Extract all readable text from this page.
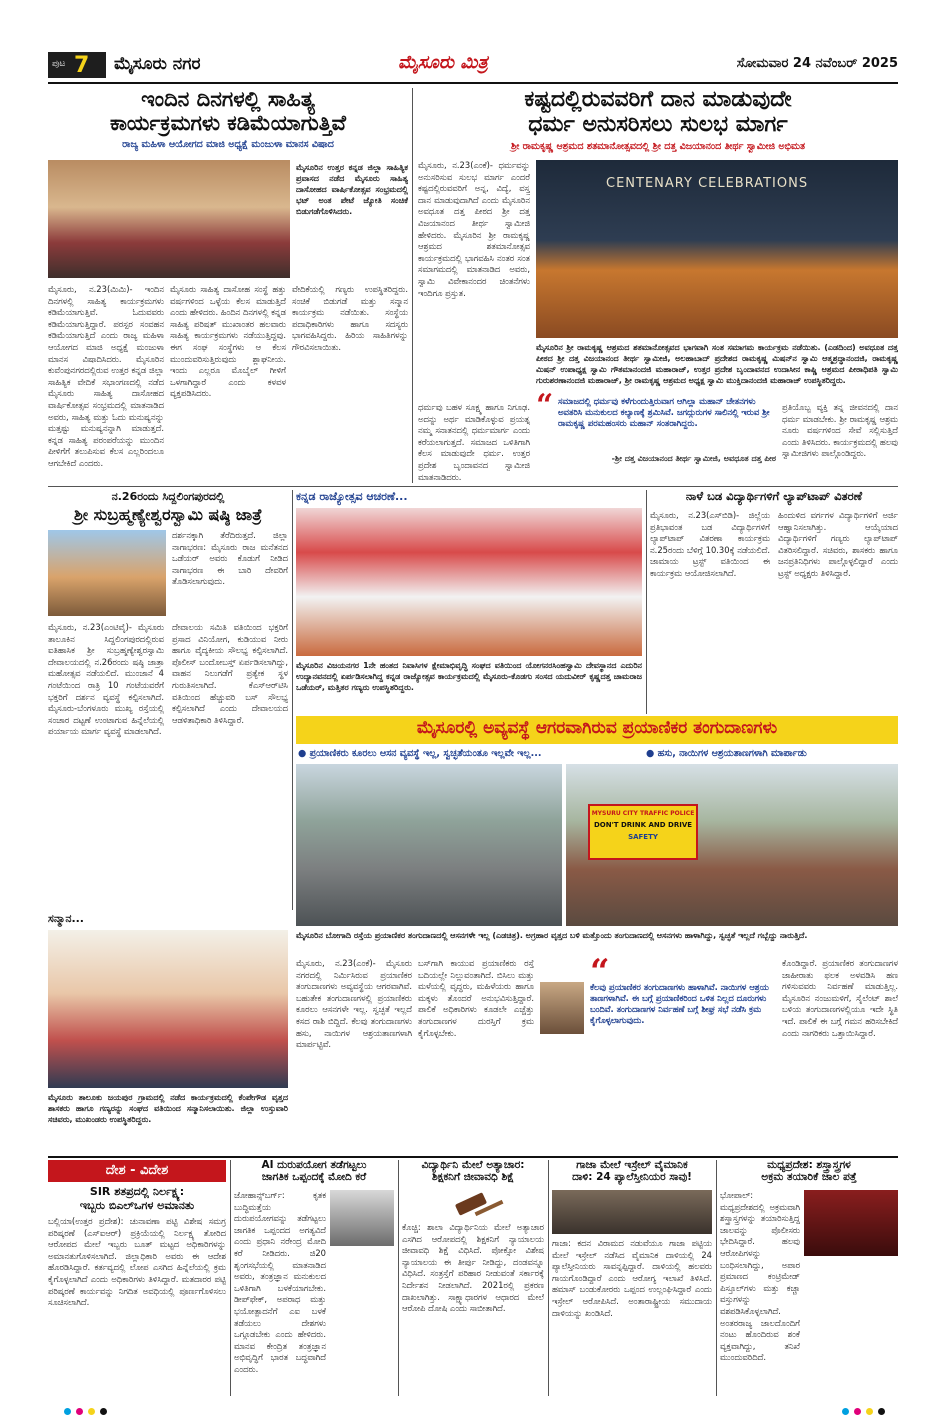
ಪುಟ 7 ಮೈಸೂರು ನಗರ	ಮೈಸೂರು ಮಿತ್ರ	ಸೋಮವಾರ 24 ನವೆಂಬರ್ 2025
ಇಂದಿನ ದಿನಗಳಲ್ಲಿ ಸಾಹಿತ್ಯ
ಕಾರ್ಯಕ್ರಮಗಳು ಕಡಿಮೆಯಾಗುತ್ತಿವೆ
ರಾಜ್ಯ ಮಹಿಳಾ ಆಯೋಗದ ಮಾಜಿ ಅಧ್ಯಕ್ಷೆ ಮಂಜುಳಾ ಮಾನಸ ವಿಷಾದ
ಮೈಸೂರಿನ ಉತ್ತರ ಕನ್ನಡ ಜಿಲ್ಲಾ ಸಾಹಿತ್ಯಿಕ ಪ್ರವಾಸದ ನಡೆದ ಮೈಸೂರು ಸಾಹಿತ್ಯ ದಾಸೋಹದ ವಾರ್ಷಿಕೋತ್ಸವ ಸಂಭ್ರಮದಲ್ಲಿ ಭಟ್ ಅಂತ ಪೇಟೆ ಜ್ಯೋತಿ ಸಂಚಿಕೆ ಬಿಡುಗಡೆಗೊಳಿಸಿದರು.
ಮೈಸೂರು, ನ.23(ಮಿಮಿ)- ಇಂದಿನ ದಿನಗಳಲ್ಲಿ ಸಾಹಿತ್ಯ ಕಾರ್ಯಕ್ರಮಗಳು ಕಡಿಮೆಯಾಗುತ್ತಿವೆ. ಓದುವವರು ಕಡಿಮೆಯಾಗುತ್ತಿದ್ದಾರೆ. ಪರಸ್ಪರ ಸಂವಹನ ಕಡಿಮೆಯಾಗುತ್ತಿದೆ ಎಂದು ರಾಜ್ಯ ಮಹಿಳಾ ಆಯೋಗದ ಮಾಜಿ ಅಧ್ಯಕ್ಷೆ ಮಂಜುಳಾ ಮಾನಸ ವಿಷಾದಿಸಿದರು. ಮೈಸೂರಿನ ಕುವೆಂಪುನಗರದಲ್ಲಿರುವ ಉತ್ತರ ಕನ್ನಡ ಜಿಲ್ಲಾ ಸಾಹಿತ್ಯಿಕ ವೇದಿಕೆ ಸಭಾಂಗಣದಲ್ಲಿ ನಡೆದ ಮೈಸೂರು ಸಾಹಿತ್ಯ ದಾಸೋಹದ ವಾರ್ಷಿಕೋತ್ಸವ ಸಂಭ್ರಮದಲ್ಲಿ ಮಾತನಾಡಿದ ಅವರು, ಸಾಹಿತ್ಯ ಮತ್ತು ಓದು ಮನುಷ್ಯನನ್ನು ಮತ್ತಷ್ಟು ಮನುಷ್ಯನನ್ನಾಗಿ ಮಾಡುತ್ತದೆ. ಕನ್ನಡ ಸಾಹಿತ್ಯ ಪರಂಪರೆಯನ್ನು ಮುಂದಿನ ಪೀಳಿಗೆಗೆ ತಲುಪಿಸುವ ಕೆಲಸ ಎಲ್ಲರಿಂದಲೂ ಆಗಬೇಕಿದೆ ಎಂದರು.
ಮೈಸೂರು ಸಾಹಿತ್ಯ ದಾಸೋಹ ಸಂಸ್ಥೆ ಹತ್ತು ವರ್ಷಗಳಿಂದ ಒಳ್ಳೆಯ ಕೆಲಸ ಮಾಡುತ್ತಿದೆ ಎಂದು ಹೇಳಿದರು. ಹಿಂದಿನ ದಿನಗಳಲ್ಲಿ ಕನ್ನಡ ಸಾಹಿತ್ಯ ಪರಿಷತ್ ಮುಖಾಂತರ ಹಲವಾರು ಸಾಹಿತ್ಯ ಕಾರ್ಯಕ್ರಮಗಳು ನಡೆಯುತ್ತಿದ್ದವು. ಈಗ ಸಂಘ ಸಂಸ್ಥೆಗಳು ಆ ಕೆಲಸ ಮುಂದುವರಿಸುತ್ತಿರುವುದು ಶ್ಲಾಘನೀಯ. ಇಂದು ಎಲ್ಲರೂ ಮೊಬೈಲ್ ಗೀಳಿಗೆ ಒಳಗಾಗಿದ್ದಾರೆ ಎಂದು ಕಳವಳ ವ್ಯಕ್ತಪಡಿಸಿದರು.
ವೇದಿಕೆಯಲ್ಲಿ ಗಣ್ಯರು ಉಪಸ್ಥಿತರಿದ್ದರು. ಸಂಚಿಕೆ ಬಿಡುಗಡೆ ಮತ್ತು ಸನ್ಮಾನ ಕಾರ್ಯಕ್ರಮ ನಡೆಯಿತು. ಸಂಸ್ಥೆಯ ಪದಾಧಿಕಾರಿಗಳು ಹಾಗೂ ಸದಸ್ಯರು ಭಾಗವಹಿಸಿದ್ದರು. ಹಿರಿಯ ಸಾಹಿತಿಗಳನ್ನು ಗೌರವಿಸಲಾಯಿತು.
ಕಷ್ಟದಲ್ಲಿರುವವರಿಗೆ ದಾನ ಮಾಡುವುದೇ
ಧರ್ಮ ಅನುಸರಿಸಲು ಸುಲಭ ಮಾರ್ಗ
ಶ್ರೀ ರಾಮಕೃಷ್ಣ ಆಶ್ರಮದ ಶತಮಾನೋತ್ಸವದಲ್ಲಿ ಶ್ರೀ ದತ್ತ ವಿಜಯಾನಂದ ತೀರ್ಥ ಸ್ವಾಮೀಜಿ ಅಭಿಮತ
ಮೈಸೂರು, ನ.23(ಎಂಕೆ)- ಧರ್ಮವನ್ನು ಅನುಸರಿಸುವ ಸುಲಭ ಮಾರ್ಗ ಎಂದರೆ ಕಷ್ಟದಲ್ಲಿರುವವರಿಗೆ ಅನ್ನ, ವಿದ್ಯೆ, ವಸ್ತ್ರ ದಾನ ಮಾಡುವುದಾಗಿದೆ ಎಂದು ಮೈಸೂರಿನ ಅವಧೂತ ದತ್ತ ಪೀಠದ ಶ್ರೀ ದತ್ತ ವಿಜಯಾನಂದ ತೀರ್ಥ ಸ್ವಾಮೀಜಿ ಹೇಳಿದರು. ಮೈಸೂರಿನ ಶ್ರೀ ರಾಮಕೃಷ್ಣ ಆಶ್ರಮದ ಶತಮಾನೋತ್ಸವ ಕಾರ್ಯಕ್ರಮದಲ್ಲಿ ಭಾಗವಹಿಸಿ ನಂತರ ಸಂತ ಸಮಾಗಮದಲ್ಲಿ ಮಾತನಾಡಿದ ಅವರು, ಸ್ವಾಮಿ ವಿವೇಕಾನಂದರ ಚಿಂತನೆಗಳು ಇಂದಿಗೂ ಪ್ರಸ್ತುತ.
CENTENARY CELEBRATIONS
ಮೈಸೂರಿನ ಶ್ರೀ ರಾಮಕೃಷ್ಣ ಆಶ್ರಮದ ಶತಮಾನೋತ್ಸವದ ಭಾಗವಾಗಿ ಸಂತ ಸಮಾಗಮ ಕಾರ್ಯಕ್ರಮ ನಡೆಯಿತು. (ಎಡದಿಂದ) ಅವಧೂತ ದತ್ತ ಪೀಠದ ಶ್ರೀ ದತ್ತ ವಿಜಯಾನಂದ ತೀರ್ಥ ಸ್ವಾಮೀಜಿ, ಅಲಹಾಬಾದ್ ಪ್ರದೇಶದ ರಾಮಕೃಷ್ಣ ಮಿಷನ್‌ನ ಸ್ವಾಮಿ ಆತ್ಮಶ್ರದ್ಧಾನಂದಜಿ, ರಾಮಕೃಷ್ಣ ಮಿಷನ್ ಉಪಾಧ್ಯಕ್ಷ ಸ್ವಾಮಿ ಗೌತಮಾನಂದಜಿ ಮಹಾರಾಜ್, ಉತ್ತರ ಪ್ರದೇಶ ಬೃಂದಾವನದ ಉದಾಸೀನ ಕಾಷ್ಣಿ ಆಶ್ರಮದ ಪೀಠಾಧಿಪತಿ ಸ್ವಾಮಿ ಗುರುಶರಣಾನಂದಜಿ ಮಹಾರಾಜ್, ಶ್ರೀ ರಾಮಕೃಷ್ಣ ಆಶ್ರಮದ ಅಧ್ಯಕ್ಷ ಸ್ವಾಮಿ ಮುಕ್ತಿದಾನಂದಜಿ ಮಹಾರಾಜ್ ಉಪಸ್ಥಿತರಿದ್ದರು.
ಧರ್ಮವು ಬಹಳ ಸೂಕ್ಷ್ಮ ಹಾಗೂ ನಿಗೂಢ. ಅದನ್ನು ಅರ್ಥ ಮಾಡಿಕೊಳ್ಳುವ ಪ್ರಯತ್ನ ನಮ್ಮ ಸನಾತನದಲ್ಲಿ ಧರ್ಮಮಾರ್ಗ ಎಂದು ಕರೆಯಲಾಗುತ್ತದೆ. ಸಮಾಜದ ಒಳಿತಿಗಾಗಿ ಕೆಲಸ ಮಾಡುವುದೇ ಧರ್ಮ. ಉತ್ತರ ಪ್ರದೇಶ ಬೃಂದಾವನದ ಸ್ವಾಮೀಜಿ ಮಾತನಾಡಿದರು.
“ ಸಮಾಜದಲ್ಲಿ ಧರ್ಮವು ಕಳೆಗುಂದುತ್ತಿರುವಾಗ ಆಗಿಲ್ಲಾ ಮಹಾನ್ ಚೇತನಗಳು ಅವತರಿಸಿ ಮನುಕುಲದ ಕಲ್ಯಾಣಕ್ಕೆ ಶ್ರಮಿಸಿವೆ. ಜಗದ್ಗುರುಗಳ ಸಾಲಿನಲ್ಲಿ ಇರುವ ಶ್ರೀ ರಾಮಕೃಷ್ಣ ಪರಮಹಂಸರು ಮಹಾನ್ ಸಂತರಾಗಿದ್ದರು.
-ಶ್ರೀ ದತ್ತ ವಿಜಯಾನಂದ ತೀರ್ಥ ಸ್ವಾಮೀಜಿ, ಅವಧೂತ ದತ್ತ ಪೀಠ
ಪ್ರತಿಯೊಬ್ಬ ವ್ಯಕ್ತಿ ತನ್ನ ಜೀವನದಲ್ಲಿ ದಾನ ಧರ್ಮ ಮಾಡಬೇಕು. ಶ್ರೀ ರಾಮಕೃಷ್ಣ ಆಶ್ರಮ ನೂರು ವರ್ಷಗಳಿಂದ ಸೇವೆ ಸಲ್ಲಿಸುತ್ತಿದೆ ಎಂದು ತಿಳಿಸಿದರು. ಕಾರ್ಯಕ್ರಮದಲ್ಲಿ ಹಲವು ಸ್ವಾಮೀಜಿಗಳು ಪಾಲ್ಗೊಂಡಿದ್ದರು.
ನ.26ರಂದು ಸಿದ್ದಲಿಂಗಪುರದಲ್ಲಿ
ಶ್ರೀ ಸುಬ್ರಹ್ಮಣ್ಯೇಶ್ವರಸ್ವಾಮಿ ಷಷ್ಠಿ ಜಾತ್ರೆ
ದರ್ಶನಕ್ಕಾಗಿ ತೆರೆದಿರುತ್ತದೆ. ಜಿಲ್ಲಾ ನಾಗಾಭರಣ: ಮೈಸೂರು ರಾಜ ಮನೆತನದ ಒಡೆಯರ್ ಅವರು ಕೊಡುಗೆ ನೀಡಿದ ನಾಗಾಭರಣ ಈ ಬಾರಿ ದೇವರಿಗೆ ತೊಡಿಸಲಾಗುವುದು.
ಮೈಸೂರು, ನ.23(ಎಂಟಿವೈ)- ಮೈಸೂರು ತಾಲೂಕಿನ ಸಿದ್ದಲಿಂಗಪುರದಲ್ಲಿರುವ ಐತಿಹಾಸಿಕ ಶ್ರೀ ಸುಬ್ರಹ್ಮಣ್ಯೇಶ್ವರಸ್ವಾಮಿ ದೇವಾಲಯದಲ್ಲಿ ನ.26ರಂದು ಷಷ್ಠಿ ಜಾತ್ರಾ ಮಹೋತ್ಸವ ನಡೆಯಲಿದೆ. ಮುಂಜಾನೆ 4 ಗಂಟೆಯಿಂದ ರಾತ್ರಿ 10 ಗಂಟೆಯವರೆಗೆ ಭಕ್ತರಿಗೆ ದರ್ಶನ ವ್ಯವಸ್ಥೆ ಕಲ್ಪಿಸಲಾಗಿದೆ. ಮೈಸೂರು-ಬೆಂಗಳೂರು ಮುಖ್ಯ ರಸ್ತೆಯಲ್ಲಿ ಸಂಚಾರ ದಟ್ಟಣೆ ಉಂಟಾಗುವ ಹಿನ್ನೆಲೆಯಲ್ಲಿ ಪರ್ಯಾಯ ಮಾರ್ಗ ವ್ಯವಸ್ಥೆ ಮಾಡಲಾಗಿದೆ.
ದೇವಾಲಯ ಸಮಿತಿ ವತಿಯಿಂದ ಭಕ್ತರಿಗೆ ಪ್ರಸಾದ ವಿನಿಯೋಗ, ಕುಡಿಯುವ ನೀರು ಹಾಗೂ ವೈದ್ಯಕೀಯ ಸೌಲಭ್ಯ ಕಲ್ಪಿಸಲಾಗಿದೆ. ಪೊಲೀಸ್ ಬಂದೋಬಸ್ತ್ ಏರ್ಪಡಿಸಲಾಗಿದ್ದು, ವಾಹನ ನಿಲುಗಡೆಗೆ ಪ್ರತ್ಯೇಕ ಸ್ಥಳ ಗುರುತಿಸಲಾಗಿದೆ. ಕೆಎಸ್‌ಆರ್‌ಟಿಸಿ ವತಿಯಿಂದ ಹೆಚ್ಚುವರಿ ಬಸ್ ಸೌಲಭ್ಯ ಕಲ್ಪಿಸಲಾಗಿದೆ ಎಂದು ದೇವಾಲಯದ ಆಡಳಿತಾಧಿಕಾರಿ ತಿಳಿಸಿದ್ದಾರೆ.
ಕನ್ನಡ ರಾಜ್ಯೋತ್ಸವ ಆಚರಣೆ...
ಮೈಸೂರಿನ ವಿಜಯನಗರ 1ನೇ ಹಂತದ ನಿವಾಸಿಗಳ ಕ್ಷೇಮಾಭಿವೃದ್ಧಿ ಸಂಘದ ವತಿಯಿಂದ ಯೋಗನರಸಿಂಹಸ್ವಾಮಿ ದೇವಸ್ಥಾನದ ಎದುರಿನ ಉದ್ಯಾನವನದಲ್ಲಿ ಏರ್ಪಡಿಸಲಾಗಿದ್ದ ಕನ್ನಡ ರಾಜ್ಯೋತ್ಸವ ಕಾರ್ಯಕ್ರಮದಲ್ಲಿ ಮೈಸೂರು-ಕೊಡಗು ಸಂಸದ ಯದುವೀರ್ ಕೃಷ್ಣದತ್ತ ಚಾಮರಾಜ ಒಡೆಯರ್, ಮತ್ತಿತರ ಗಣ್ಯರು ಉಪಸ್ಥಿತರಿದ್ದರು.
ನಾಳೆ ಬಡ ವಿದ್ಯಾರ್ಥಿಗಳಿಗೆ ಲ್ಯಾಪ್‌ಟಾಪ್ ವಿತರಣೆ
ಮೈಸೂರು, ನ.23(ಎಸ್‌ಬಿಡಿ)- ಜಿಲ್ಲೆಯ ಪ್ರತಿಭಾವಂತ ಬಡ ವಿದ್ಯಾರ್ಥಿಗಳಿಗೆ ಲ್ಯಾಪ್‌ಟಾಪ್ ವಿತರಣಾ ಕಾರ್ಯಕ್ರಮ ನ.25ರಂದು ಬೆಳಿಗ್ಗೆ 10.30ಕ್ಕೆ ನಡೆಯಲಿದೆ. ಜಾಮಾಯ ಟ್ರಸ್ಟ್ ವತಿಯಿಂದ ಈ ಕಾರ್ಯಕ್ರಮ ಆಯೋಜಿಸಲಾಗಿದೆ.
ಹಿಂದುಳಿದ ವರ್ಗಗಳ ವಿದ್ಯಾರ್ಥಿಗಳಿಗೆ ಅರ್ಜಿ ಆಹ್ವಾನಿಸಲಾಗಿತ್ತು. ಆಯ್ಕೆಯಾದ ವಿದ್ಯಾರ್ಥಿಗಳಿಗೆ ಗಣ್ಯರು ಲ್ಯಾಪ್‌ಟಾಪ್ ವಿತರಿಸಲಿದ್ದಾರೆ. ಸಚಿವರು, ಶಾಸಕರು ಹಾಗೂ ಜನಪ್ರತಿನಿಧಿಗಳು ಪಾಲ್ಗೊಳ್ಳಲಿದ್ದಾರೆ ಎಂದು ಟ್ರಸ್ಟ್ ಅಧ್ಯಕ್ಷರು ತಿಳಿಸಿದ್ದಾರೆ.
ಮೈಸೂರಲ್ಲಿ ಅವ್ಯವಸ್ಥೆ ಆಗರವಾಗಿರುವ ಪ್ರಯಾಣಿಕರ ತಂಗುದಾಣಗಳು
● ಪ್ರಯಾಣಿಕರು ಕೂರಲು ಆಸನ ವ್ಯವಸ್ಥೆ ಇಲ್ಲ, ಸ್ವಚ್ಛತೆಯಂತೂ ಇಲ್ಲವೇ ಇಲ್ಲ...	● ಹಸು, ನಾಯಿಗಳ ಆಶ್ರಯತಾಣಗಳಾಗಿ ಮಾರ್ಪಾಡು
MYSURU CITY TRAFFIC POLICE
DON'T DRINK AND DRIVE
SAFETY
ಮೈಸೂರಿನ ಬೋಗಾದಿ ರಸ್ತೆಯ ಪ್ರಯಾಣಿಕರ ತಂಗುದಾಣದಲ್ಲಿ ಆಸನಗಳೇ ಇಲ್ಲ (ಎಡಚಿತ್ರ). ಅಗ್ರಹಾರ ವೃತ್ತದ ಬಳಿ ಮತ್ತೊಂದು ತಂಗುದಾಣದಲ್ಲಿ ಆಸನಗಳು ಹಾಳಾಗಿದ್ದು, ಸ್ವಚ್ಛತೆ ಇಲ್ಲದೆ ಗಬ್ಬೆದ್ದು ನಾರುತ್ತಿದೆ.
ಮೈಸೂರು, ನ.23(ಎಂಕೆ)- ಮೈಸೂರು ನಗರದಲ್ಲಿ ನಿರ್ಮಿಸಿರುವ ಪ್ರಯಾಣಿಕರ ತಂಗುದಾಣಗಳು ಅವ್ಯವಸ್ಥೆಯ ಆಗರವಾಗಿವೆ. ಬಹುತೇಕ ತಂಗುದಾಣಗಳಲ್ಲಿ ಪ್ರಯಾಣಿಕರು ಕೂರಲು ಆಸನಗಳೇ ಇಲ್ಲ. ಸ್ವಚ್ಛತೆ ಇಲ್ಲದೆ ಕಸದ ರಾಶಿ ಬಿದ್ದಿದೆ. ಕೆಲವು ತಂಗುದಾಣಗಳು ಹಸು, ನಾಯಿಗಳ ಆಶ್ರಯತಾಣಗಳಾಗಿ ಮಾರ್ಪಟ್ಟಿವೆ.
ಬಸ್‌ಗಾಗಿ ಕಾಯುವ ಪ್ರಯಾಣಿಕರು ರಸ್ತೆ ಬದಿಯಲ್ಲೇ ನಿಲ್ಲುವಂತಾಗಿದೆ. ಬಿಸಿಲು ಮತ್ತು ಮಳೆಯಲ್ಲಿ ವೃದ್ಧರು, ಮಹಿಳೆಯರು ಹಾಗೂ ಮಕ್ಕಳು ತೊಂದರೆ ಅನುಭವಿಸುತ್ತಿದ್ದಾರೆ. ಪಾಲಿಕೆ ಅಧಿಕಾರಿಗಳು ಕೂಡಲೇ ಎಚ್ಚೆತ್ತು ತಂಗುದಾಣಗಳ ದುರಸ್ತಿಗೆ ಕ್ರಮ ಕೈಗೊಳ್ಳಬೇಕು.
“
ಕೆಲವು ಪ್ರಯಾಣಿಕರ ತಂಗುದಾಣಗಳು ಹಾಳಾಗಿವೆ. ನಾಯಿಗಳ ಆಶ್ರಯ ತಾಣಗಳಾಗಿವೆ. ಈ ಬಗ್ಗೆ ಪ್ರಯಾಣಿಕರಿಂದ ಒಳಿತ ನಿಲ್ಲದ ದೂರುಗಳು ಬಂದಿವೆ. ತಂಗುದಾಣಗಳ ನಿರ್ವಹಣೆ ಬಗ್ಗೆ ಶೀಘ್ರ ಸಭೆ ನಡೆಸಿ ಕ್ರಮ ಕೈಗೊಳ್ಳಲಾಗುವುದು.
ಕೊಂಡಿದ್ದಾರೆ. ಪ್ರಯಾಣಿಕರ ತಂಗುದಾಣಗಳ ಜಾಹೀರಾತು ಫಲಕ ಅಳವಡಿಸಿ ಹಣ ಗಳಿಸುವವರು ನಿರ್ವಹಣೆ ಮಾಡುತ್ತಿಲ್ಲ. ಮೈಸೂರಿನ ನಂಜುಮಳಿಗೆ, ಸೈಲೆಂಟ್ ಶಾಲೆ ಬಳಿಯ ತಂಗುದಾಣಗಳಲ್ಲಿಯೂ ಇದೇ ಸ್ಥಿತಿ ಇದೆ. ಪಾಲಿಕೆ ಈ ಬಗ್ಗೆ ಗಮನ ಹರಿಸಬೇಕಿದೆ ಎಂದು ನಾಗರಿಕರು ಒತ್ತಾಯಿಸಿದ್ದಾರೆ.
ಸನ್ಮಾನ...
ಮೈಸೂರು ತಾಲೂಕು ಜಯಪುರ ಗ್ರಾಮದಲ್ಲಿ ನಡೆದ ಕಾರ್ಯಕ್ರಮದಲ್ಲಿ ಕೆಂಪೇಗೌಡ ವೃತ್ತದ ಶಾಸಕರು ಹಾಗೂ ಗಣ್ಯರನ್ನು ಸಂಘದ ವತಿಯಿಂದ ಸನ್ಮಾನಿಸಲಾಯಿತು. ಜಿಲ್ಲಾ ಉಸ್ತುವಾರಿ ಸಚಿವರು, ಮುಖಂಡರು ಉಪಸ್ಥಿತರಿದ್ದರು.
ದೇಶ - ವಿದೇಶ
SIR ಶತಪ್ರದಲ್ಲಿ ನಿರ್ಲಕ್ಷ್ಯ:
ಇಬ್ಬರು ಬಿಎಲ್‌ಒಗಳ ಅಮಾನತು
ಬಲ್ಲಿಯಾ(ಉತ್ತರ ಪ್ರದೇಶ): ಚುನಾವಣಾ ಪಟ್ಟಿ ವಿಶೇಷ ಸಮಗ್ರ ಪರಿಷ್ಕರಣೆ (ಎಸ್‌ಐಆರ್) ಪ್ರಕ್ರಿಯೆಯಲ್ಲಿ ನಿರ್ಲಕ್ಷ್ಯ ತೋರಿದ ಆರೋಪದ ಮೇಲೆ ಇಬ್ಬರು ಬೂತ್ ಮಟ್ಟದ ಅಧಿಕಾರಿಗಳನ್ನು ಅಮಾನತುಗೊಳಿಸಲಾಗಿದೆ. ಜಿಲ್ಲಾಧಿಕಾರಿ ಅವರು ಈ ಆದೇಶ ಹೊರಡಿಸಿದ್ದಾರೆ. ಕರ್ತವ್ಯದಲ್ಲಿ ಲೋಪ ಎಸಗಿದ ಹಿನ್ನೆಲೆಯಲ್ಲಿ ಕ್ರಮ ಕೈಗೊಳ್ಳಲಾಗಿದೆ ಎಂದು ಅಧಿಕಾರಿಗಳು ತಿಳಿಸಿದ್ದಾರೆ. ಮತದಾರರ ಪಟ್ಟಿ ಪರಿಷ್ಕರಣೆ ಕಾರ್ಯವನ್ನು ನಿಗದಿತ ಅವಧಿಯಲ್ಲಿ ಪೂರ್ಣಗೊಳಿಸಲು ಸೂಚಿಸಲಾಗಿದೆ.
AI ದುರುಪಯೋಗ ತಡೆಗಟ್ಟಲು
ಜಾಗತಿಕ ಒಪ್ಪಂದಕ್ಕೆ ಮೋದಿ ಕರೆ
ಜೋಹಾನ್ಸ್‌ಬರ್ಗ್: ಕೃತಕ ಬುದ್ಧಿಮತ್ತೆಯ ದುರುಪಯೋಗವನ್ನು ತಡೆಗಟ್ಟಲು ಜಾಗತಿಕ ಒಪ್ಪಂದದ ಅಗತ್ಯವಿದೆ ಎಂದು ಪ್ರಧಾನಿ ನರೇಂದ್ರ ಮೋದಿ ಕರೆ ನೀಡಿದರು. ಜಿ20 ಶೃಂಗಸಭೆಯಲ್ಲಿ ಮಾತನಾಡಿದ ಅವರು, ತಂತ್ರಜ್ಞಾನ ಮನುಕುಲದ ಒಳಿತಿಗಾಗಿ ಬಳಕೆಯಾಗಬೇಕು. ಡೀಪ್‌ಫೇಕ್, ಅಪರಾಧ ಮತ್ತು ಭಯೋತ್ಪಾದನೆಗೆ ಎಐ ಬಳಕೆ ತಡೆಯಲು ದೇಶಗಳು ಒಗ್ಗೂಡಬೇಕು ಎಂದು ಹೇಳಿದರು. ಮಾನವ ಕೇಂದ್ರಿತ ತಂತ್ರಜ್ಞಾನ ಅಭಿವೃದ್ಧಿಗೆ ಭಾರತ ಬದ್ಧವಾಗಿದೆ ಎಂದರು.
ವಿದ್ಯಾರ್ಥಿನಿ ಮೇಲೆ ಅತ್ಯಾಚಾರ:
ಶಿಕ್ಷಕನಿಗೆ ಜೀವಾವಧಿ ಶಿಕ್ಷೆ
ಕೊಚ್ಚಿ: ಶಾಲಾ ವಿದ್ಯಾರ್ಥಿನಿಯ ಮೇಲೆ ಅತ್ಯಾಚಾರ ಎಸಗಿದ ಆರೋಪದಲ್ಲಿ ಶಿಕ್ಷಕನಿಗೆ ನ್ಯಾಯಾಲಯ ಜೀವಾವಧಿ ಶಿಕ್ಷೆ ವಿಧಿಸಿದೆ. ಪೋಕ್ಸೋ ವಿಶೇಷ ನ್ಯಾಯಾಲಯ ಈ ತೀರ್ಪು ನೀಡಿದ್ದು, ದಂಡವನ್ನೂ ವಿಧಿಸಿದೆ. ಸಂತ್ರಸ್ತೆಗೆ ಪರಿಹಾರ ನೀಡುವಂತೆ ಸರ್ಕಾರಕ್ಕೆ ನಿರ್ದೇಶನ ನೀಡಲಾಗಿದೆ. 2021ರಲ್ಲಿ ಪ್ರಕರಣ ದಾಖಲಾಗಿತ್ತು. ಸಾಕ್ಷ್ಯಾಧಾರಗಳ ಆಧಾರದ ಮೇಲೆ ಆರೋಪಿ ದೋಷಿ ಎಂದು ಸಾಬೀತಾಗಿದೆ.
ಗಾಜಾ ಮೇಲೆ ಇಸ್ರೇಲ್ ವೈಮಾನಿಕ
ದಾಳಿ: 24 ಪ್ಯಾಲೆಸ್ತೀನಿಯರ ಸಾವು!
ಗಾಜಾ: ಕದನ ವಿರಾಮದ ನಡುವೆಯೂ ಗಾಜಾ ಪಟ್ಟಿಯ ಮೇಲೆ ಇಸ್ರೇಲ್ ನಡೆಸಿದ ವೈಮಾನಿಕ ದಾಳಿಯಲ್ಲಿ 24 ಪ್ಯಾಲೆಸ್ತೀನಿಯರು ಸಾವನ್ನಪ್ಪಿದ್ದಾರೆ. ದಾಳಿಯಲ್ಲಿ ಹಲವರು ಗಾಯಗೊಂಡಿದ್ದಾರೆ ಎಂದು ಆರೋಗ್ಯ ಇಲಾಖೆ ತಿಳಿಸಿದೆ. ಹಮಾಸ್ ಬಂಡುಕೋರರು ಒಪ್ಪಂದ ಉಲ್ಲಂಘಿಸಿದ್ದಾರೆ ಎಂದು ಇಸ್ರೇಲ್ ಆರೋಪಿಸಿದೆ. ಅಂತಾರಾಷ್ಟ್ರೀಯ ಸಮುದಾಯ ದಾಳಿಯನ್ನು ಖಂಡಿಸಿದೆ.
ಮಧ್ಯಪ್ರದೇಶ: ಶಸ್ತ್ರಾಸ್ತ್ರಗಳ
ಅಕ್ರಮ ತಯಾರಿಕೆ ಜಾಲ ಪತ್ತೆ
ಭೋಪಾಲ್: ಮಧ್ಯಪ್ರದೇಶದಲ್ಲಿ ಅಕ್ರಮವಾಗಿ ಶಸ್ತ್ರಾಸ್ತ್ರಗಳನ್ನು ತಯಾರಿಸುತ್ತಿದ್ದ ಜಾಲವನ್ನು ಪೊಲೀಸರು ಭೇದಿಸಿದ್ದಾರೆ. ಹಲವು ಆರೋಪಿಗಳನ್ನು ಬಂಧಿಸಲಾಗಿದ್ದು, ಅಪಾರ ಪ್ರಮಾಣದ ಕಂಟ್ರಿಮೇಡ್ ಪಿಸ್ತೂಲ್‌ಗಳು ಮತ್ತು ಕಚ್ಚಾ ವಸ್ತುಗಳನ್ನು ವಶಪಡಿಸಿಕೊಳ್ಳಲಾಗಿದೆ. ಅಂತರರಾಜ್ಯ ಜಾಲದೊಂದಿಗೆ ನಂಟು ಹೊಂದಿರುವ ಶಂಕೆ ವ್ಯಕ್ತವಾಗಿದ್ದು, ತನಿಖೆ ಮುಂದುವರಿದಿದೆ.
